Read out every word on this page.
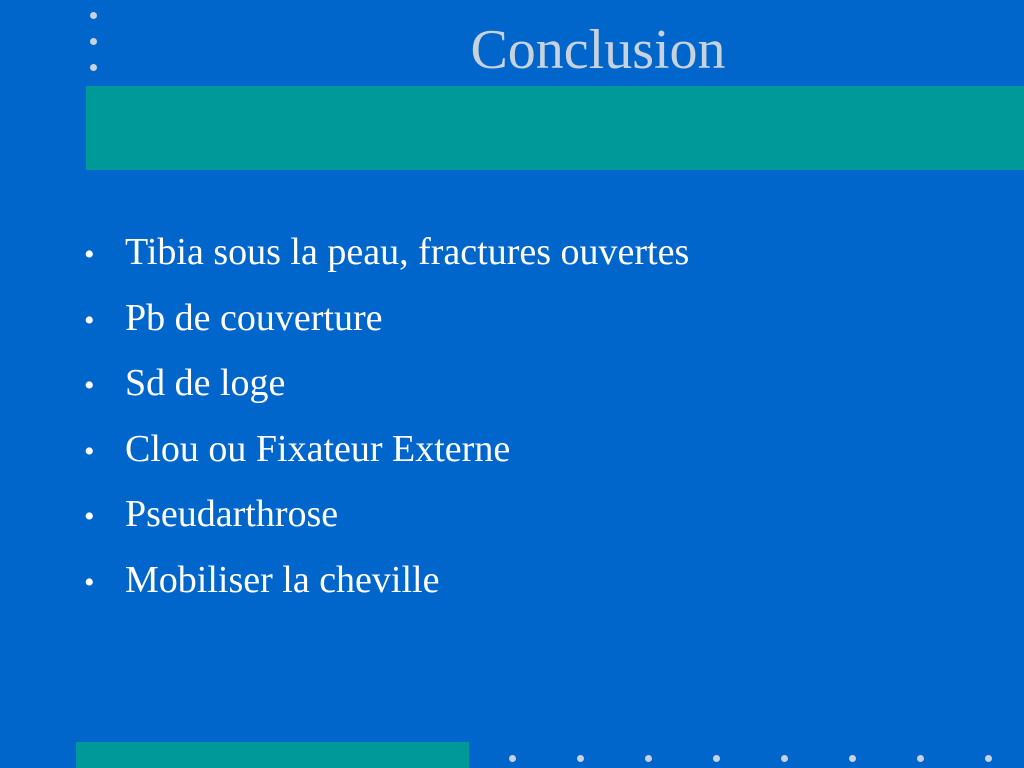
Conclusion
• Tibia sous la peau, fractures ouvertes
• Pb de couverture
• Sd de loge
• Clou ou Fixateur Externe
• Pseudarthrose
• Mobiliser la cheville
